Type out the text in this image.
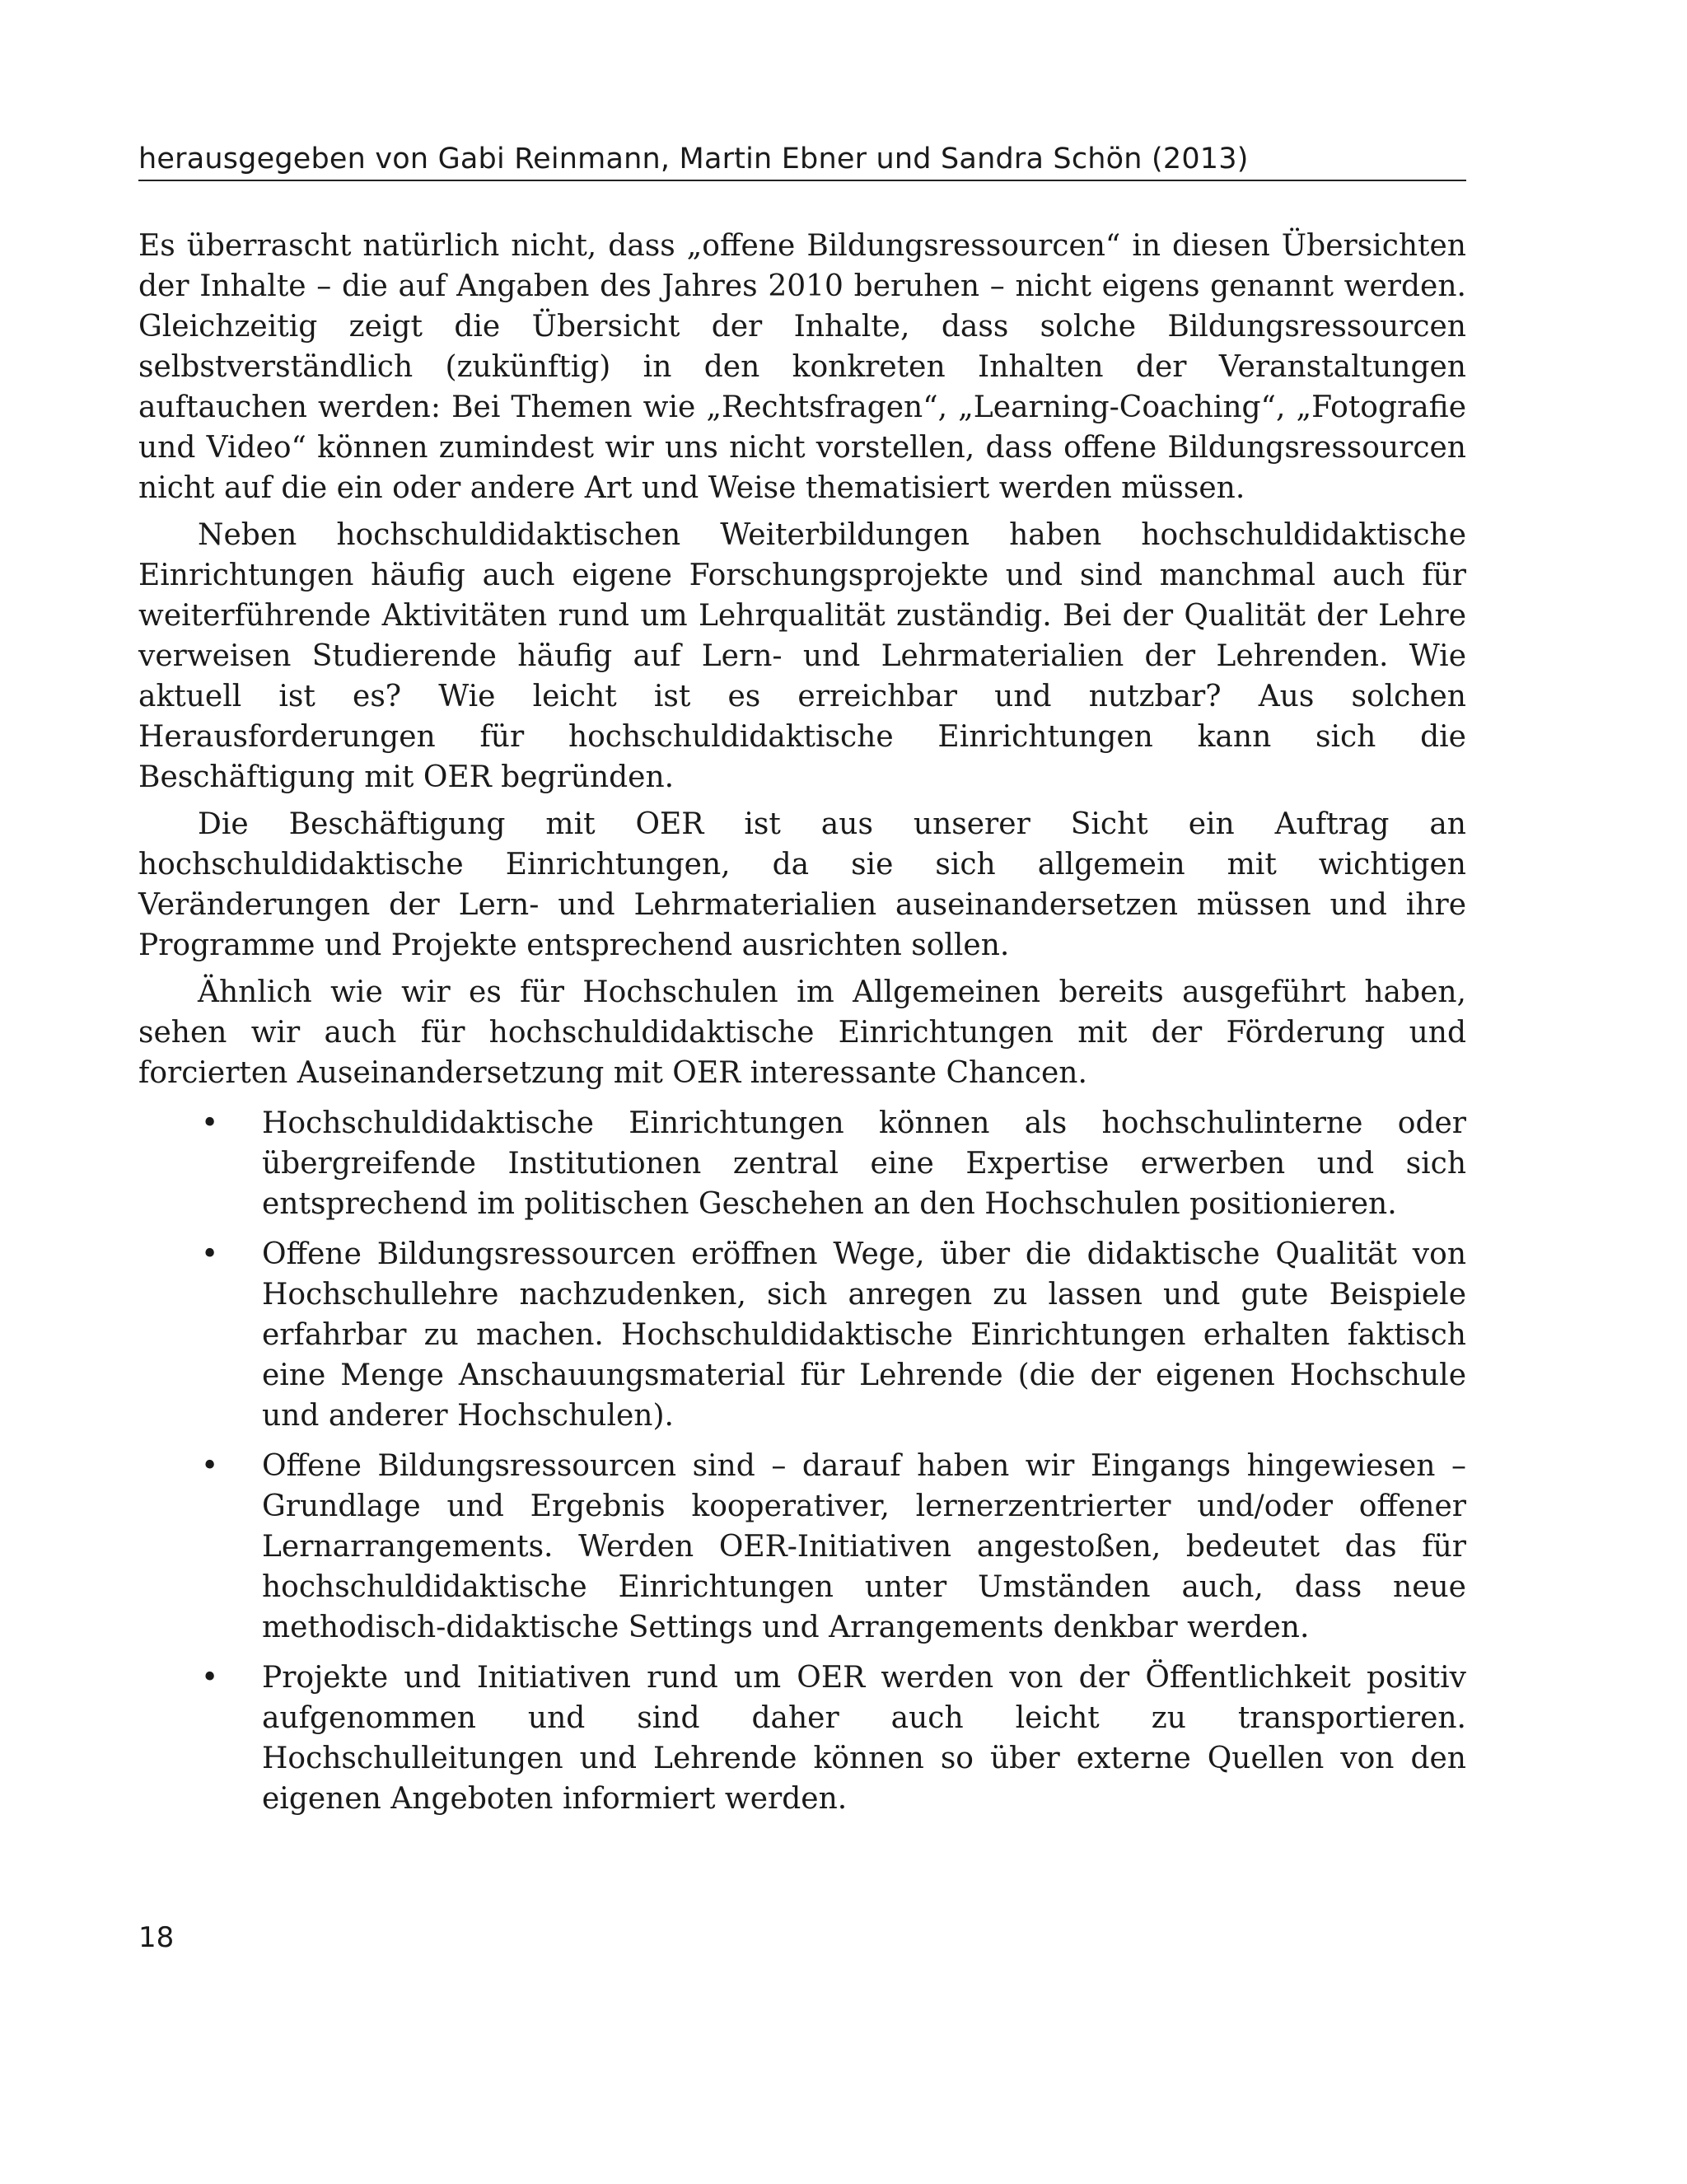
herausgegeben von Gabi Reinmann, Martin Ebner und Sandra Schön (2013)

Es überrascht natürlich nicht, dass „offene Bildungsressourcen“ in diesen Übersichten der Inhalte – die auf Angaben des Jahres 2010 beruhen – nicht eigens genannt werden. Gleichzeitig zeigt die Übersicht der Inhalte, dass solche Bildungsressourcen selbstverständlich (zukünftig) in den konkreten Inhalten der Veranstaltungen auftauchen werden: Bei Themen wie „Rechtsfragen“, „Learning-Coaching“, „Fotografie und Video“ können zumindest wir uns nicht vorstellen, dass offene Bildungsressourcen nicht auf die ein oder andere Art und Weise thematisiert werden müssen.

Neben hochschuldidaktischen Weiterbildungen haben hochschuldidaktische Einrichtungen häufig auch eigene Forschungsprojekte und sind manchmal auch für weiterführende Aktivitäten rund um Lehrqualität zuständig. Bei der Qualität der Lehre verweisen Studierende häufig auf Lern- und Lehrmaterialien der Lehrenden. Wie aktuell ist es? Wie leicht ist es erreichbar und nutzbar? Aus solchen Herausforderungen für hochschuldidaktische Einrichtungen kann sich die Beschäftigung mit OER begründen.

Die Beschäftigung mit OER ist aus unserer Sicht ein Auftrag an hochschuldidaktische Einrichtungen, da sie sich allgemein mit wichtigen Veränderungen der Lern- und Lehrmaterialien auseinandersetzen müssen und ihre Programme und Projekte entsprechend ausrichten sollen.

Ähnlich wie wir es für Hochschulen im Allgemeinen bereits ausgeführt haben, sehen wir auch für hochschuldidaktische Einrichtungen mit der Förderung und forcierten Auseinandersetzung mit OER interessante Chancen.

• Hochschuldidaktische Einrichtungen können als hochschulinterne oder übergreifende Institutionen zentral eine Expertise erwerben und sich entsprechend im politischen Geschehen an den Hochschulen positionieren.
• Offene Bildungsressourcen eröffnen Wege, über die didaktische Qualität von Hochschullehre nachzudenken, sich anregen zu lassen und gute Beispiele erfahrbar zu machen. Hochschuldidaktische Einrichtungen erhalten faktisch eine Menge Anschauungsmaterial für Lehrende (die der eigenen Hochschule und anderer Hochschulen).
• Offene Bildungsressourcen sind – darauf haben wir Eingangs hingewiesen – Grundlage und Ergebnis kooperativer, lernerzentrierter und/oder offener Lernarrangements. Werden OER-Initiativen angestoßen, bedeutet das für hochschuldidaktische Einrichtungen unter Umständen auch, dass neue methodisch-didaktische Settings und Arrangements denkbar werden.
• Projekte und Initiativen rund um OER werden von der Öffentlichkeit positiv aufgenommen und sind daher auch leicht zu transportieren. Hochschulleitungen und Lehrende können so über externe Quellen von den eigenen Angeboten informiert werden.
18
